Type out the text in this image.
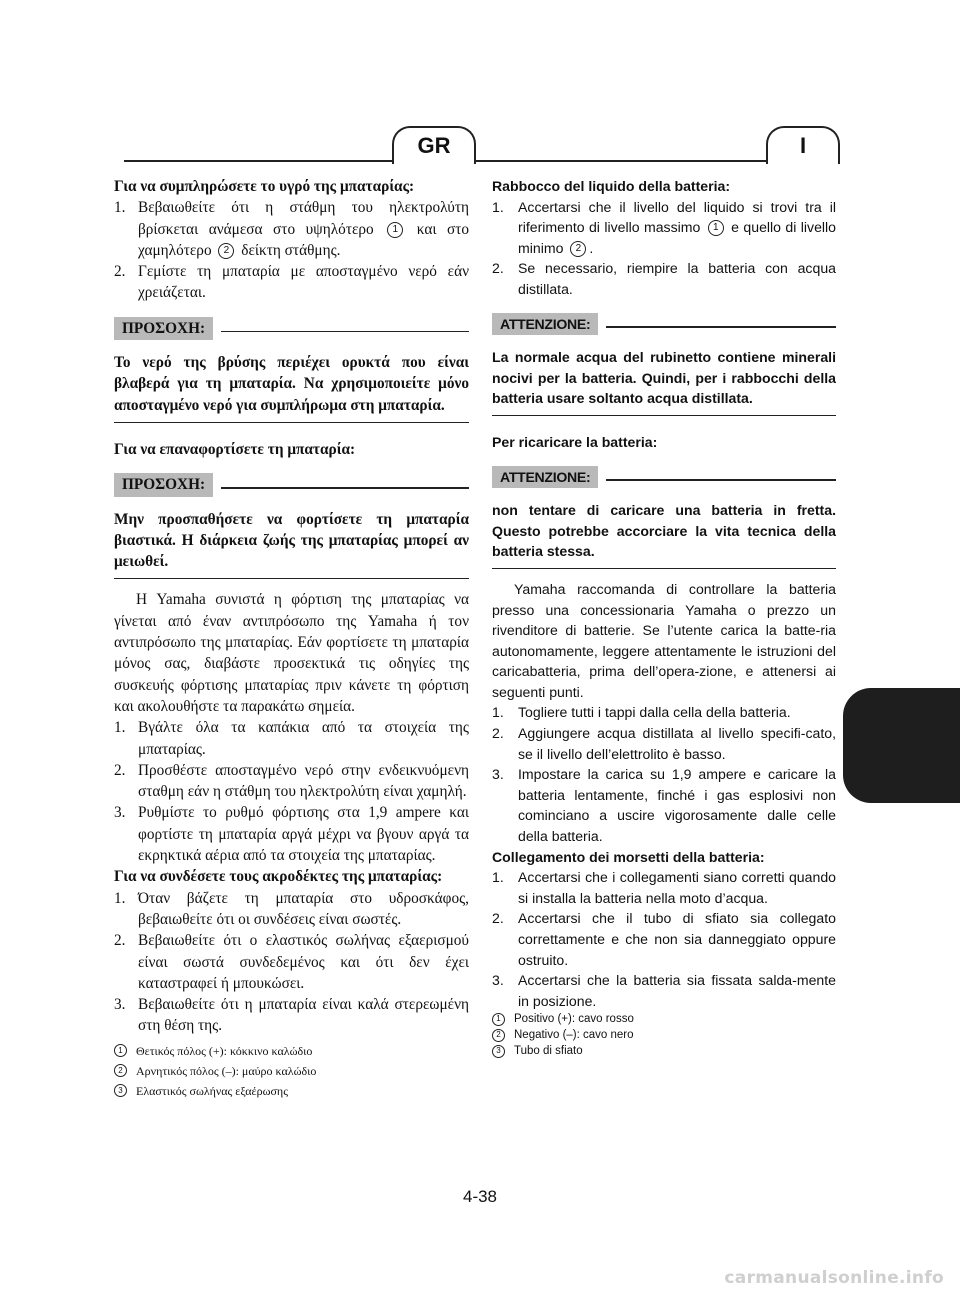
GR	I

Για να συμπληρώσετε το υγρό της μπαταρίας:

1. Βεβαιωθείτε ότι η στάθμη του ηλεκτρολύτη βρίσκεται ανάμεσα στο υψηλότερο 1 και στο χαμηλότερο 2 δείκτη στάθμης.
2. Γεμίστε τη μπαταρία με αποσταγμένο νερό εάν χρειάζεται.
ΠΡΟΣΟΧΗ:

Το νερό της βρύσης περιέχει ορυκτά που είναι βλαβερά για τη μπαταρία. Να χρησιμοποιείτε μόνο αποσταγμένο νερό για συμπλήρωμα στη μπαταρία.

Για να επαναφορτίσετε τη μπαταρία:

ΠΡΟΣΟΧΗ:

Μην προσπαθήσετε να φορτίσετε τη μπαταρία βιαστικά. Η διάρκεια ζωής της μπαταρίας μπορεί αν μειωθεί.

Η Yamaha συνιστά η φόρτιση της μπαταρίας να γίνεται από έναν αντιπρόσωπο της Yamaha ή τον αντιπρόσωπο της μπαταρίας. Εάν φορτίσετε τη μπαταρία μόνος σας, διαβάστε προσεκτικά τις οδηγίες της συσκευής φόρτισης μπαταρίας πριν κάνετε τη φόρτιση και ακολουθήστε τα παρακάτω σημεία.

1. Βγάλτε όλα τα καπάκια από τα στοιχεία της μπαταρίας.
2. Προσθέστε αποσταγμένο νερό στην ενδεικνυόμενη σταθμη εάν η στάθμη του ηλεκτρολύτη είναι χαμηλή.
3. Ρυθμίστε το ρυθμό φόρτισης στα 1,9 ampere και φορτίστε τη μπαταρία αργά μέχρι να βγουν αργά τα εκρηκτικά αέρια από τα στοιχεία της μπαταρίας.

Για να συνδέσετε τους ακροδέκτες της μπαταρίας:

1. Όταν βάζετε τη μπαταρία στο υδροσκάφος, βεβαιωθείτε ότι οι συνδέσεις είναι σωστές.
2. Βεβαιωθείτε ότι ο ελαστικός σωλήνας εξαερισμού είναι σωστά συνδεδεμένος και ότι δεν έχει καταστραφεί ή μπουκώσει.
3. Βεβαιωθείτε ότι η μπαταρία είναι καλά στερεωμένη στη θέση της.
1	Θετικός πόλος (+): κόκκινο καλώδιο
2	Αρνητικός πόλος (–): μαύρο καλώδιο
3	Ελαστικός σωλήνας εξαέρωσης

Rabbocco del liquido della batteria:

1.	Accertarsi che il livello del liquido si trovi tra il riferimento di livello massimo 1 e quello di livello minimo 2 .
2.	Se necessario, riempire la batteria con acqua distillata.
ATTENZIONE:

La normale acqua del rubinetto contiene minerali nocivi per la batteria. Quindi, per i rabbocchi della batteria usare soltanto acqua distillata.

Per ricaricare la batteria:

ATTENZIONE:

non tentare di caricare una batteria in fretta. Questo potrebbe accorciare la vita tecnica della batteria stessa.

Yamaha raccomanda di controllare la batteria presso una concessionaria Yamaha o prezzo un rivenditore di batterie. Se l’utente carica la batte-ria autonomamente, leggere attentamente le istruzioni del caricabatteria, prima dell’opera-zione, e attenersi ai seguenti punti.

1.	Togliere tutti i tappi dalla cella della batteria.
2.	Aggiungere acqua distillata al livello specifi-cato, se il livello dell’elettrolito è basso.
3.	Impostare la carica su 1,9 ampere e caricare la batteria lentamente, finché i gas esplosivi non cominciano a uscire vigorosamente dalle celle della batteria.

Collegamento dei morsetti della batteria:

1.	Accertarsi che i collegamenti siano corretti quando si installa la batteria nella moto d’acqua.
2.	Accertarsi che il tubo di sfiato sia collegato correttamente e che non sia danneggiato oppure ostruito.
3.	Accertarsi che la batteria sia fissata salda-mente in posizione.
1	Positivo (+): cavo rosso
2	Negativo (–): cavo nero
3	Tubo di sfiato
4-38
carmanualsonline.info
